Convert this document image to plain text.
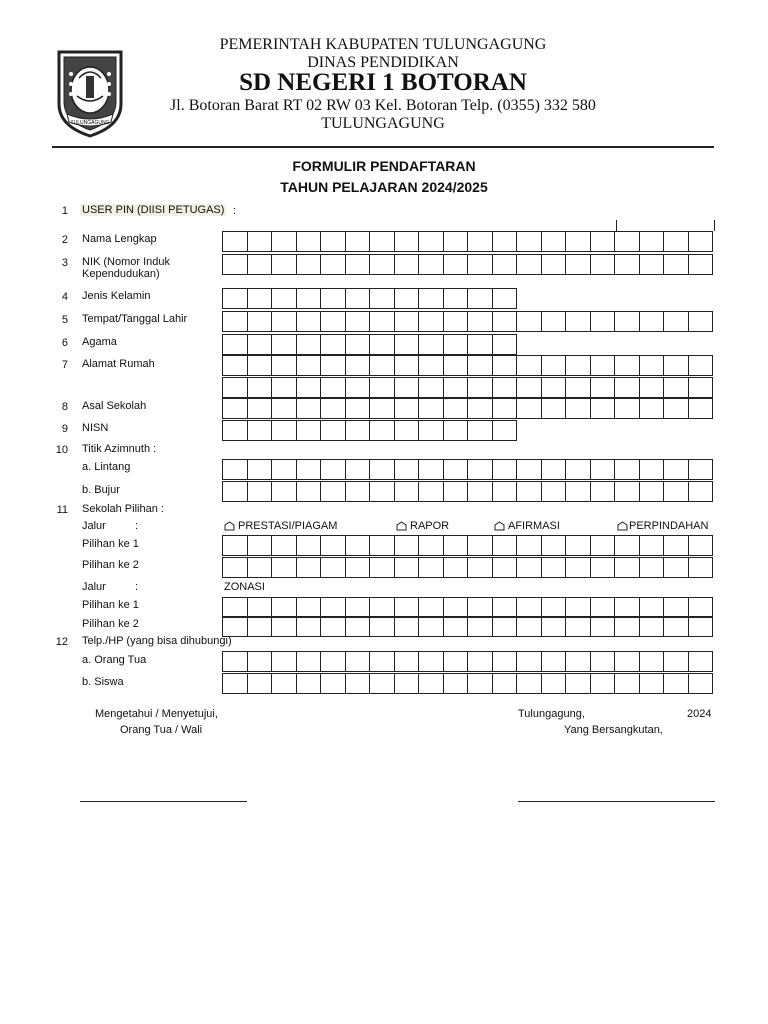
TULUNGAGUNG
PEMERINTAH KABUPATEN TULUNGAGUNG
DINAS PENDIDIKAN
SD NEGERI 1 BOTORAN
Jl. Botoran Barat RT 02 RW 03 Kel. Botoran Telp. (0355) 332 580
TULUNGAGUNG
FORMULIR PENDAFTARAN
TAHUN PELAJARAN 2024/2025
1 USER PIN (DIISI PETUGAS) :
2 Nama Lengkap
3 NIK (Nomor Induk
Kependudukan)
4 Jenis Kelamin
5 Tempat/Tanggal Lahir
6 Agama
7 Alamat Rumah
8 Asal Sekolah
9 NISN
10 Titik Azimnuth :
a. Lintang
b. Bujur
11 Sekolah Pilihan :
Jalur	:	PRESTASI/PIAGAM	RAPOR	AFIRMASI	PERPINDAHAN
Pilihan ke 1
Pilihan ke 2
Jalur	:	ZONASI
Pilihan ke 1
Pilihan ke 2
12 Telp./HP (yang bisa dihubungi)
a. Orang Tua
b. Siswa
Mengetahui / Menyetujui,
Orang Tua / Wali
Tulungagung,	2024
Yang Bersangkutan,
